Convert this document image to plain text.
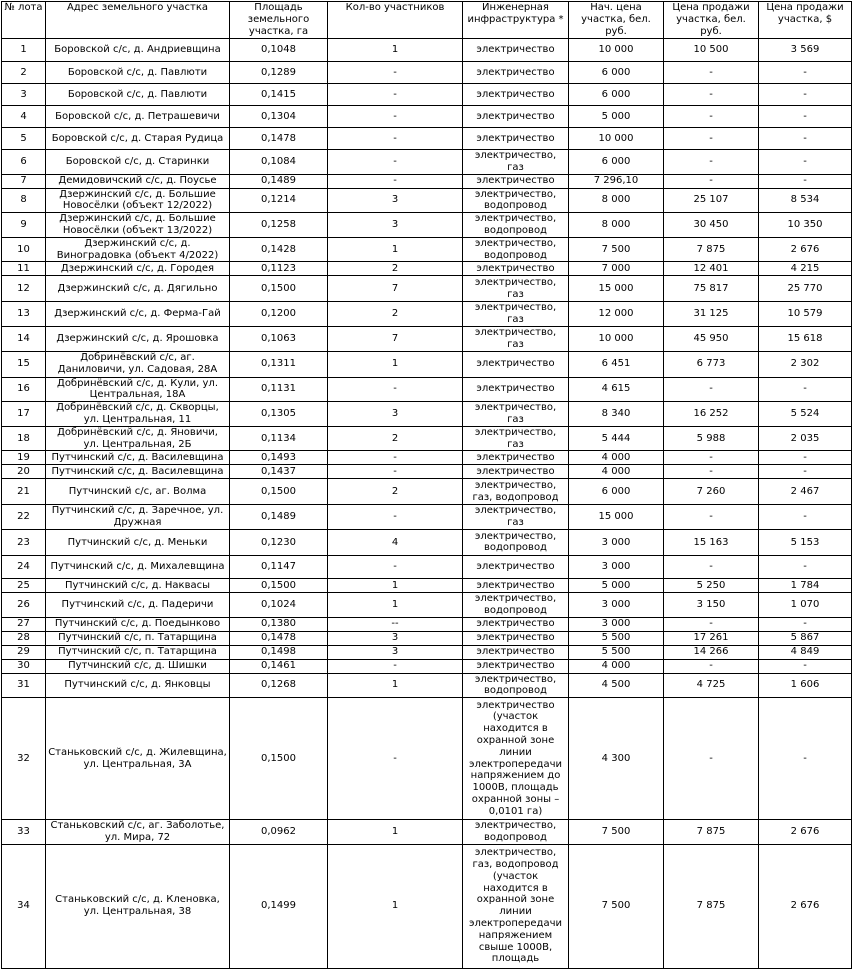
№ лота	Адрес земельного участка	Площадь земельного участка, га	Кол-во участников	Инженерная инфраструктура *	Нач. цена участка, бел. руб.	Цена продажи участка, бел. руб.	Цена продажи участка, $
1	Боровской с/с, д. Андриевщина	0,1048	1	электричество	10 000	10 500	3 569
2	Боровской с/с, д. Павлюти	0,1289	-	электричество	6 000	-	-
3	Боровской с/с, д. Павлюти	0,1415	-	электричество	6 000	-	-
4	Боровской с/с, д. Петрашевичи	0,1304	-	электричество	5 000	-	-
5	Боровской с/с, д. Старая Рудица	0,1478	-	электричество	10 000	-	-
6	Боровской с/с, д. Старинки	0,1084	-	электричество, газ	6 000	-	-
7	Демидовичский с/с, д. Поусье	0,1489	-	электричество	7 296,10	-	-
8	Дзержинский с/с, д. Большие Новосёлки (объект 12/2022)	0,1214	3	электричество, водопровод	8 000	25 107	8 534
9	Дзержинский с/с, д. Большие Новосёлки (объект 13/2022)	0,1258	3	электричество, водопровод	8 000	30 450	10 350
10	Дзержинский с/с, д. Виноградовка (объект 4/2022)	0,1428	1	электричество, водопровод	7 500	7 875	2 676
11	Дзержинский с/с, д. Городея	0,1123	2	электричество	7 000	12 401	4 215
12	Дзержинский с/с, д. Дягильно	0,1500	7	электричество, газ	15 000	75 817	25 770
13	Дзержинский с/с, д. Ферма-Гай	0,1200	2	электричество, газ	12 000	31 125	10 579
14	Дзержинский с/с, д. Ярошовка	0,1063	7	электричество, газ	10 000	45 950	15 618
15	Добринёвский с/с, аг. Даниловичи, ул. Садовая, 28А	0,1311	1	электричество	6 451	6 773	2 302
16	Добринёвский с/с, д. Кули, ул. Центральная, 18А	0,1131	-	электричество	4 615	-	-
17	Добринёвский с/с, д. Скворцы, ул. Центральная, 11	0,1305	3	электричество, газ	8 340	16 252	5 524
18	Добринёвский с/с, д. Яновичи, ул. Центральная, 2Б	0,1134	2	электричество, газ	5 444	5 988	2 035
19	Путчинский с/с, д. Василевщина	0,1493	-	электричество	4 000	-	-
20	Путчинский с/с, д. Василевщина	0,1437	-	электричество	4 000	-	-
21	Путчинский с/с, аг. Волма	0,1500	2	электричество, газ, водопровод	6 000	7 260	2 467
22	Путчинский с/с, д. Заречное, ул. Дружная	0,1489	-	электричество, газ	15 000	-	-
23	Путчинский с/с, д. Меньки	0,1230	4	электричество, водопровод	3 000	15 163	5 153
24	Путчинский с/с, д. Михалевщина	0,1147	-	электричество	3 000	-	-
25	Путчинский с/с, д. Наквасы	0,1500	1	электричество	5 000	5 250	1 784
26	Путчинский с/с, д. Падеричи	0,1024	1	электричество, водопровод	3 000	3 150	1 070
27	Путчинский с/с, д. Поедынково	0,1380	--	электричество	3 000	-	-
28	Путчинский с/с, п. Татарщина	0,1478	3	электричество	5 500	17 261	5 867
29	Путчинский с/с, п. Татарщина	0,1498	3	электричество	5 500	14 266	4 849
30	Путчинский с/с, д. Шишки	0,1461	-	электричество	4 000	-	-
31	Путчинский с/с, д. Янковцы	0,1268	1	электричество, водопровод	4 500	4 725	1 606
32	Станьковский с/с, д. Жилевщина, ул. Центральная, 3А	0,1500	-	электричество (участок находится в охранной зоне линии электропередачи напряжением до 1000В, площадь охранной зоны – 0,0101 га)	4 300	-	-
33	Станьковский с/с, аг. Заболотье, ул. Мира, 72	0,0962	1	электричество, водопровод	7 500	7 875	2 676
34	Станьковский с/с, д. Кленовка, ул. Центральная, 38	0,1499	1	электричество, газ, водопровод (участок находится в охранной зоне линии электропередачи напряжением свыше 1000В, площадь	7 500	7 875	2 676
